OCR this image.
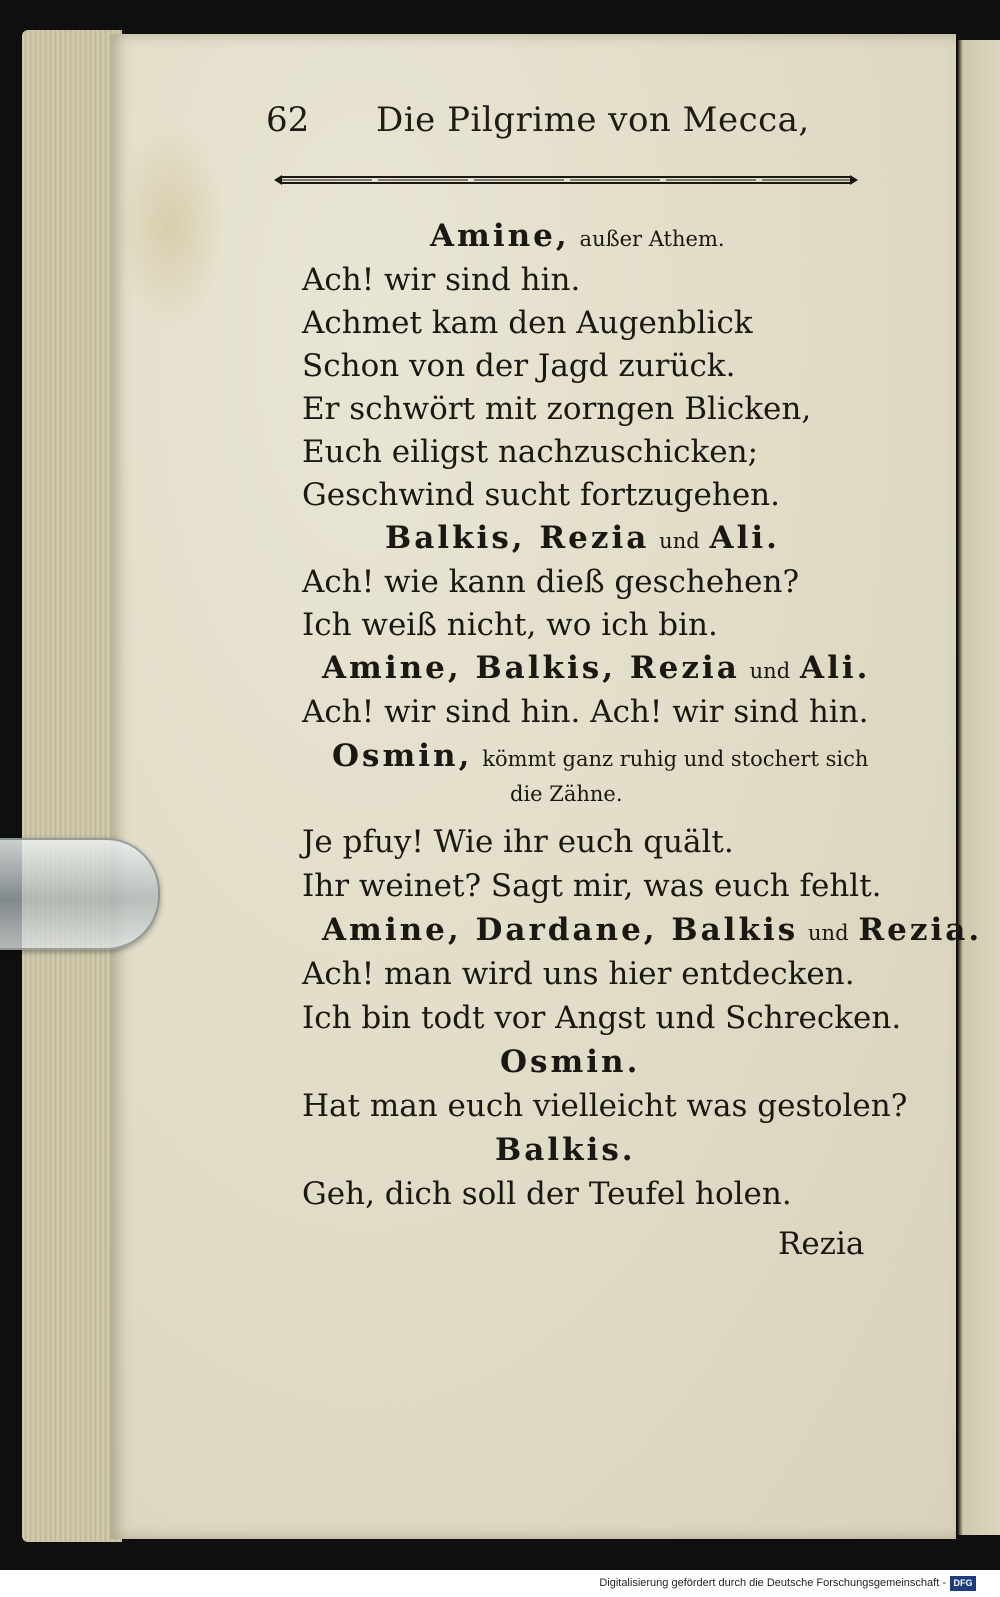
62 Die Pilgrime von Mecca,
Amine, außer Athem.
Ach! wir sind hin.
Achmet kam den Augenblick
Schon von der Jagd zurück.
Er schwört mit zorngen Blicken,
Euch eiligst nachzuschicken;
Geschwind sucht fortzugehen.
Balkis, Rezia und Ali.
Ach! wie kann dieß geschehen?
Ich weiß nicht, wo ich bin.
Amine, Balkis, Rezia und Ali.
Ach! wir sind hin. Ach! wir sind hin.
Osmin, kömmt ganz ruhig und stochert sich
die Zähne.
Je pfuy! Wie ihr euch quält.
Ihr weinet? Sagt mir, was euch fehlt.
Amine, Dardane, Balkis und Rezia.
Ach! man wird uns hier entdecken.
Ich bin todt vor Angst und Schrecken.
Osmin.
Hat man euch vielleicht was gestolen?
Balkis.
Geh, dich soll der Teufel holen.
Rezia
Digitalisierung gefördert durch die Deutsche Forschungsgemeinschaft - DFG
